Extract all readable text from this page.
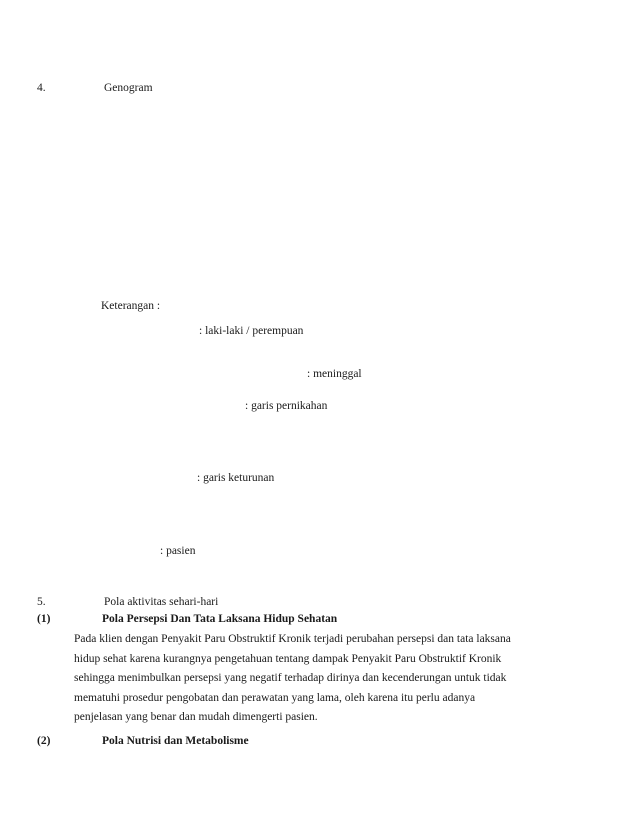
4.	Genogram
Keterangan :
: laki-laki / perempuan
: meninggal
: garis pernikahan
: garis keturunan
: pasien
5.	Pola aktivitas sehari-hari
(1)	Pola Persepsi Dan Tata Laksana Hidup Sehatan
Pada klien dengan Penyakit Paru Obstruktif Kronik terjadi perubahan persepsi dan tata laksana
hidup sehat karena kurangnya pengetahuan tentang dampak Penyakit Paru Obstruktif Kronik
sehingga menimbulkan persepsi yang negatif terhadap dirinya dan kecenderungan untuk tidak
mematuhi prosedur pengobatan dan perawatan yang lama, oleh karena itu perlu adanya
penjelasan yang benar dan mudah dimengerti pasien.
(2)	Pola Nutrisi dan Metabolisme
